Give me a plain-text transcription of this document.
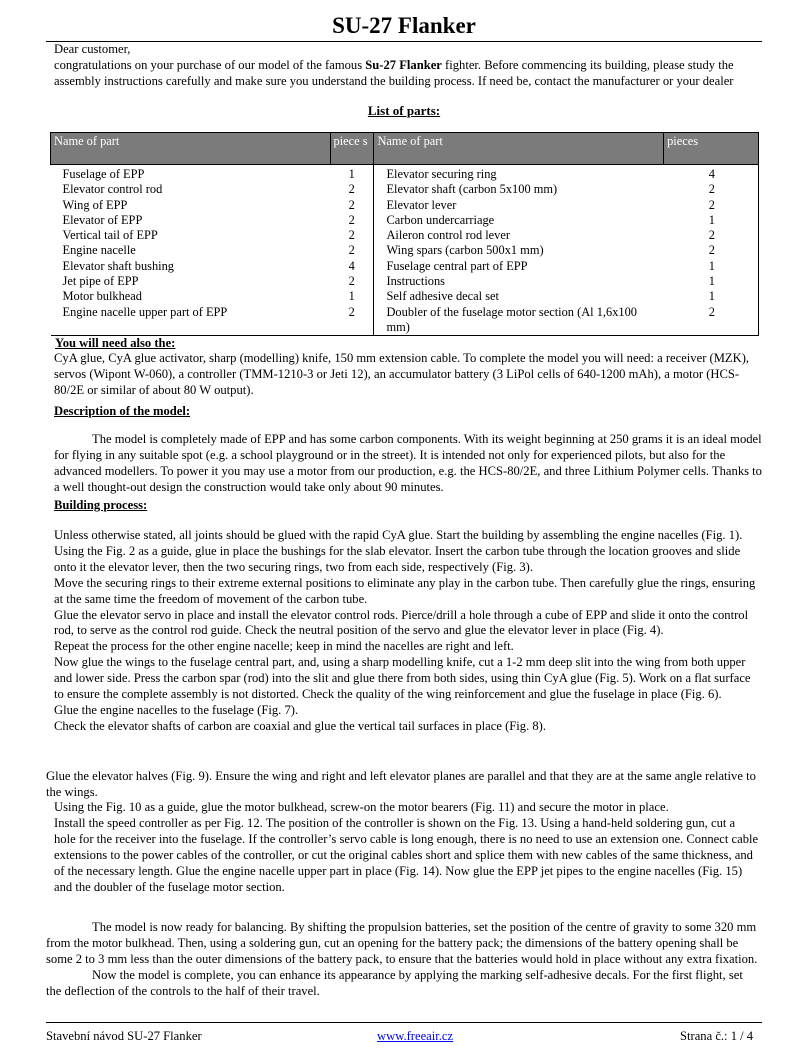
SU-27 Flanker
Dear customer,
congratulations on your purchase of our model of the famous Su-27 Flanker fighter. Before commencing its building, please study the assembly instructions carefully and make sure you understand the building process. If need be, contact the manufacturer or your dealer
List of parts:
Name of part	piece s	Name of part	pieces
Fuselage of EPP	1	Elevator securing ring	4
Elevator control rod	2	Elevator shaft (carbon 5x100 mm)	2
Wing of EPP	2	Elevator lever	2
Elevator of EPP	2	Carbon undercarriage	1
Vertical tail of EPP	2	Aileron control rod lever	2
Engine nacelle	2	Wing spars (carbon 500x1 mm)	2
Elevator shaft bushing	4	Fuselage central part of EPP	1
Jet pipe of EPP	2	Instructions	1
Motor bulkhead	1	Self adhesive decal set	1
Engine nacelle upper part of EPP	2	Doubler of the fuselage motor section (Al 1,6x100 mm)	2
You will need also the:
CyA glue, CyA glue activator, sharp (modelling) knife, 150 mm extension cable. To complete the model you will need: a receiver (MZK), servos (Wipont W-060), a controller (TMM-1210-3 or Jeti 12), an accumulator battery (3 LiPol cells of 640-1200 mAh), a motor (HCS-80/2E or similar of about 80 W output).
Description of the model:
The model is completely made of EPP and has some carbon components. With its weight beginning at 250 grams it is an ideal model for flying in any suitable spot (e.g. a school playground or in the street). It is intended not only for experienced pilots, but also for the advanced modellers. To power it you may use a motor from our production, e.g. the HCS-80/2E, and three Lithium Polymer cells. Thanks to a well thought-out design the construction would take only about 90 minutes.
Building process:
Unless otherwise stated, all joints should be glued with the rapid CyA glue. Start the building by assembling the engine nacelles (Fig. 1). Using the Fig. 2 as a guide, glue in place the bushings for the slab elevator. Insert the carbon tube through the location grooves and slide onto it the elevator lever, then the two securing rings, two from each side, respectively (Fig. 3).
Move the securing rings to their extreme external positions to eliminate any play in the carbon tube. Then carefully glue the rings, ensuring at the same time the freedom of movement of the carbon tube.
Glue the elevator servo in place and install the elevator control rods. Pierce/drill a hole through a cube of EPP and slide it onto the control rod, to serve as the control rod guide. Check the neutral position of the servo and glue the elevator lever in place (Fig. 4).
Repeat the process for the other engine nacelle; keep in mind the nacelles are right and left.
Now glue the wings to the fuselage central part, and, using a sharp modelling knife, cut a 1-2 mm deep slit into the wing from both upper and lower side. Press the carbon spar (rod) into the slit and glue there from both sides, using thin CyA glue (Fig. 5). Work on a flat surface to ensure the complete assembly is not distorted. Check the quality of the wing reinforcement and glue the fuselage in place (Fig. 6).
Glue the engine nacelles to the fuselage (Fig. 7).
Check the elevator shafts of carbon are coaxial and glue the vertical tail surfaces in place (Fig. 8).
Glue the elevator halves (Fig. 9). Ensure the wing and right and left elevator planes are parallel and that they are at the same angle relative to the wings.
Using the Fig. 10 as a guide, glue the motor bulkhead, screw-on the motor bearers (Fig. 11) and secure the motor in place.
Install the speed controller as per Fig. 12. The position of the controller is shown on the Fig. 13. Using a hand-held soldering gun, cut a hole for the receiver into the fuselage. If the controller’s servo cable is long enough, there is no need to use an extension one. Connect cable extensions to the power cables of the controller, or cut the original cables short and splice them with new cables of the same thickness, and of the necessary length. Glue the engine nacelle upper part in place (Fig. 14). Now glue the EPP jet pipes to the engine nacelles (Fig. 15) and the doubler of the fuselage motor section.
The model is now ready for balancing. By shifting the propulsion batteries, set the position of the centre of gravity to some 320 mm from the motor bulkhead. Then, using a soldering gun, cut an opening for the battery pack; the dimensions of the battery opening shall be some 2 to 3 mm less than the outer dimensions of the battery pack, to ensure that the batteries would hold in place without any extra fixation.
Now the model is complete, you can enhance its appearance by applying the marking self-adhesive decals. For the first flight, set the deflection of the controls to the half of their travel.
Stavební návod SU-27 Flanker	www.freeair.cz	Strana č.: 1 / 4
